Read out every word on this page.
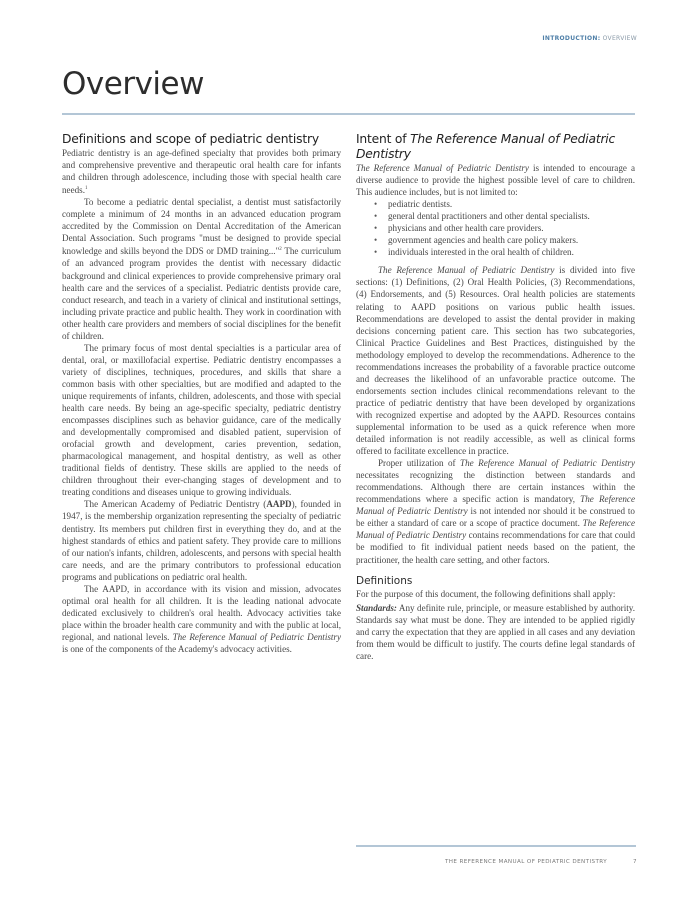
INTRODUCTION: OVERVIEW
Overview
Definitions and scope of pediatric dentistry

Pediatric dentistry is an age-defined specialty that provides both primary and comprehensive preventive and therapeutic oral health care for infants and children through adolescence, including those with special health care needs.$^1$

To become a pediatric dental specialist, a dentist must satisfactorily complete a minimum of 24 months in an advanced education program accredited by the Commission on Dental Accreditation of the American Dental Association. Such programs "must be designed to provide special knowledge and skills beyond the DDS or DMD training..."$^2$ The curriculum of an advanced program provides the dentist with necessary didactic background and clinical experiences to provide comprehensive primary oral health care and the services of a specialist. Pediatric dentists provide care, conduct research, and teach in a variety of clinical and institutional settings, including private practice and public health. They work in coordination with other health care providers and members of social disciplines for the benefit of children.

The primary focus of most dental specialties is a particular area of dental, oral, or maxillofacial expertise. Pediatric dentistry encompasses a variety of disciplines, techniques, procedures, and skills that share a common basis with other specialties, but are modified and adapted to the unique requirements of infants, children, adolescents, and those with special health care needs. By being an age-specific specialty, pediatric dentistry encompasses disciplines such as behavior guidance, care of the medically and developmentally compromised and disabled patient, supervision of orofacial growth and development, caries prevention, sedation, pharmacological management, and hospital dentistry, as well as other traditional fields of dentistry. These skills are applied to the needs of children throughout their ever-changing stages of development and to treating conditions and diseases unique to growing individuals.

The American Academy of Pediatric Dentistry (AAPD), founded in 1947, is the membership organization representing the specialty of pediatric dentistry. Its members put children first in everything they do, and at the highest standards of ethics and patient safety. They provide care to millions of our nation's infants, children, adolescents, and persons with special health care needs, and are the primary contributors to professional education programs and publications on pediatric oral health.

The AAPD, in accordance with its vision and mission, advocates optimal oral health for all children. It is the leading national advocate dedicated exclusively to children's oral health. Advocacy activities take place within the broader health care community and with the public at local, regional, and national levels. The Reference Manual of Pediatric Dentistry is one of the components of the Academy's advocacy activities.

Intent of The Reference Manual of Pediatric Dentistry

The Reference Manual of Pediatric Dentistry is intended to encourage a diverse audience to provide the highest possible level of care to children. This audience includes, but is not limited to:

• pediatric dentists.
• general dental practitioners and other dental specialists.
• physicians and other health care providers.
• government agencies and health care policy makers.
• individuals interested in the oral health of children.

The Reference Manual of Pediatric Dentistry is divided into five sections: (1) Definitions, (2) Oral Health Policies, (3) Recommendations, (4) Endorsements, and (5) Resources. Oral health policies are statements relating to AAPD positions on various public health issues. Recommendations are developed to assist the dental provider in making decisions concerning patient care. This section has two subcategories, Clinical Practice Guidelines and Best Practices, distinguished by the methodology employed to develop the recommendations. Adherence to the recommendations increases the probability of a favorable practice outcome and decreases the likelihood of an unfavorable practice outcome. The endorsements section includes clinical recommendations relevant to the practice of pediatric dentistry that have been developed by organizations with recognized expertise and adopted by the AAPD. Resources contains supplemental information to be used as a quick reference when more detailed information is not readily accessible, as well as clinical forms offered to facilitate excellence in practice.

Proper utilization of The Reference Manual of Pediatric Dentistry necessitates recognizing the distinction between standards and recommendations. Although there are certain instances within the recommendations where a specific action is mandatory, The Reference Manual of Pediatric Dentistry is not intended nor should it be construed to be either a standard of care or a scope of practice document. The Reference Manual of Pediatric Dentistry contains recommendations for care that could be modified to fit individual patient needs based on the patient, the practitioner, the health care setting, and other factors.

Definitions

For the purpose of this document, the following definitions shall apply:

Standards: Any definite rule, principle, or measure established by authority. Standards say what must be done. They are intended to be applied rigidly and carry the expectation that they are applied in all cases and any deviation from them would be difficult to justify. The courts define legal standards of care.

THE REFERENCE MANUAL OF PEDIATRIC DENTISTRY	7
